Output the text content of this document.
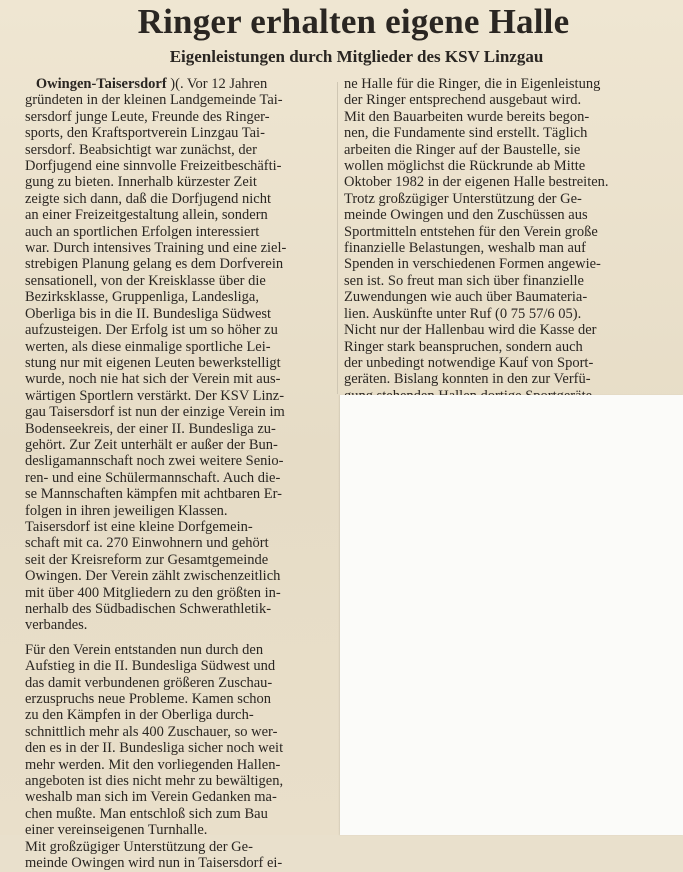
Ringer erhalten eigene Halle
Eigenleistungen durch Mitglieder des KSV Linzgau
Owingen-Taisersdorf )(. Vor 12 Jahren
gründeten in der kleinen Landgemeinde Tai-
sersdorf junge Leute, Freunde des Ringer-
sports, den Kraftsportverein Linzgau Tai-
sersdorf. Beabsichtigt war zunächst, der
Dorfjugend eine sinnvolle Freizeitbeschäfti-
gung zu bieten. Innerhalb kürzester Zeit
zeigte sich dann, daß die Dorfjugend nicht
an einer Freizeitgestaltung allein, sondern
auch an sportlichen Erfolgen interessiert
war. Durch intensives Training und eine ziel-
strebigen Planung gelang es dem Dorfverein
sensationell, von der Kreisklasse über die
Bezirksklasse, Gruppenliga, Landesliga,
Oberliga bis in die II. Bundesliga Südwest
aufzusteigen. Der Erfolg ist um so höher zu
werten, als diese einmalige sportliche Lei-
stung nur mit eigenen Leuten bewerkstelligt
wurde, noch nie hat sich der Verein mit aus-
wärtigen Sportlern verstärkt. Der KSV Linz-
gau Taisersdorf ist nun der einzige Verein im
Bodenseekreis, der einer II. Bundesliga zu-
gehört. Zur Zeit unterhält er außer der Bun-
desligamannschaft noch zwei weitere Senio-
ren- und eine Schülermannschaft. Auch die-
se Mannschaften kämpfen mit achtbaren Er-
folgen in ihren jeweiligen Klassen.
Taisersdorf ist eine kleine Dorfgemein-
schaft mit ca. 270 Einwohnern und gehört
seit der Kreisreform zur Gesamtgemeinde
Owingen. Der Verein zählt zwischenzeitlich
mit über 400 Mitgliedern zu den größten in-
nerhalb des Südbadischen Schwerathletik-
verbandes.
Für den Verein entstanden nun durch den
Aufstieg in die II. Bundesliga Südwest und
das damit verbundenen größeren Zuschau-
erzuspruchs neue Probleme. Kamen schon
zu den Kämpfen in der Oberliga durch-
schnittlich mehr als 400 Zuschauer, so wer-
den es in der II. Bundesliga sicher noch weit
mehr werden. Mit den vorliegenden Hallen-
angeboten ist dies nicht mehr zu bewältigen,
weshalb man sich im Verein Gedanken ma-
chen mußte. Man entschloß sich zum Bau
einer vereinseigenen Turnhalle.
Mit großzügiger Unterstützung der Ge-
meinde Owingen wird nun in Taisersdorf ei-
ne Halle für die Ringer, die in Eigenleistung
der Ringer entsprechend ausgebaut wird.
Mit den Bauarbeiten wurde bereits begon-
nen, die Fundamente sind erstellt. Täglich
arbeiten die Ringer auf der Baustelle, sie
wollen möglichst die Rückrunde ab Mitte
Oktober 1982 in der eigenen Halle bestreiten.
Trotz großzügiger Unterstützung der Ge-
meinde Owingen und den Zuschüssen aus
Sportmitteln entstehen für den Verein große
finanzielle Belastungen, weshalb man auf
Spenden in verschiedenen Formen angewie-
sen ist. So freut man sich über finanzielle
Zuwendungen wie auch über Baumateria-
lien. Auskünfte unter Ruf (0 75 57/6 05).
Nicht nur der Hallenbau wird die Kasse der
Ringer stark beanspruchen, sondern auch
der unbedingt notwendige Kauf von Sport-
geräten. Bislang konnten in den zur Verfü-
